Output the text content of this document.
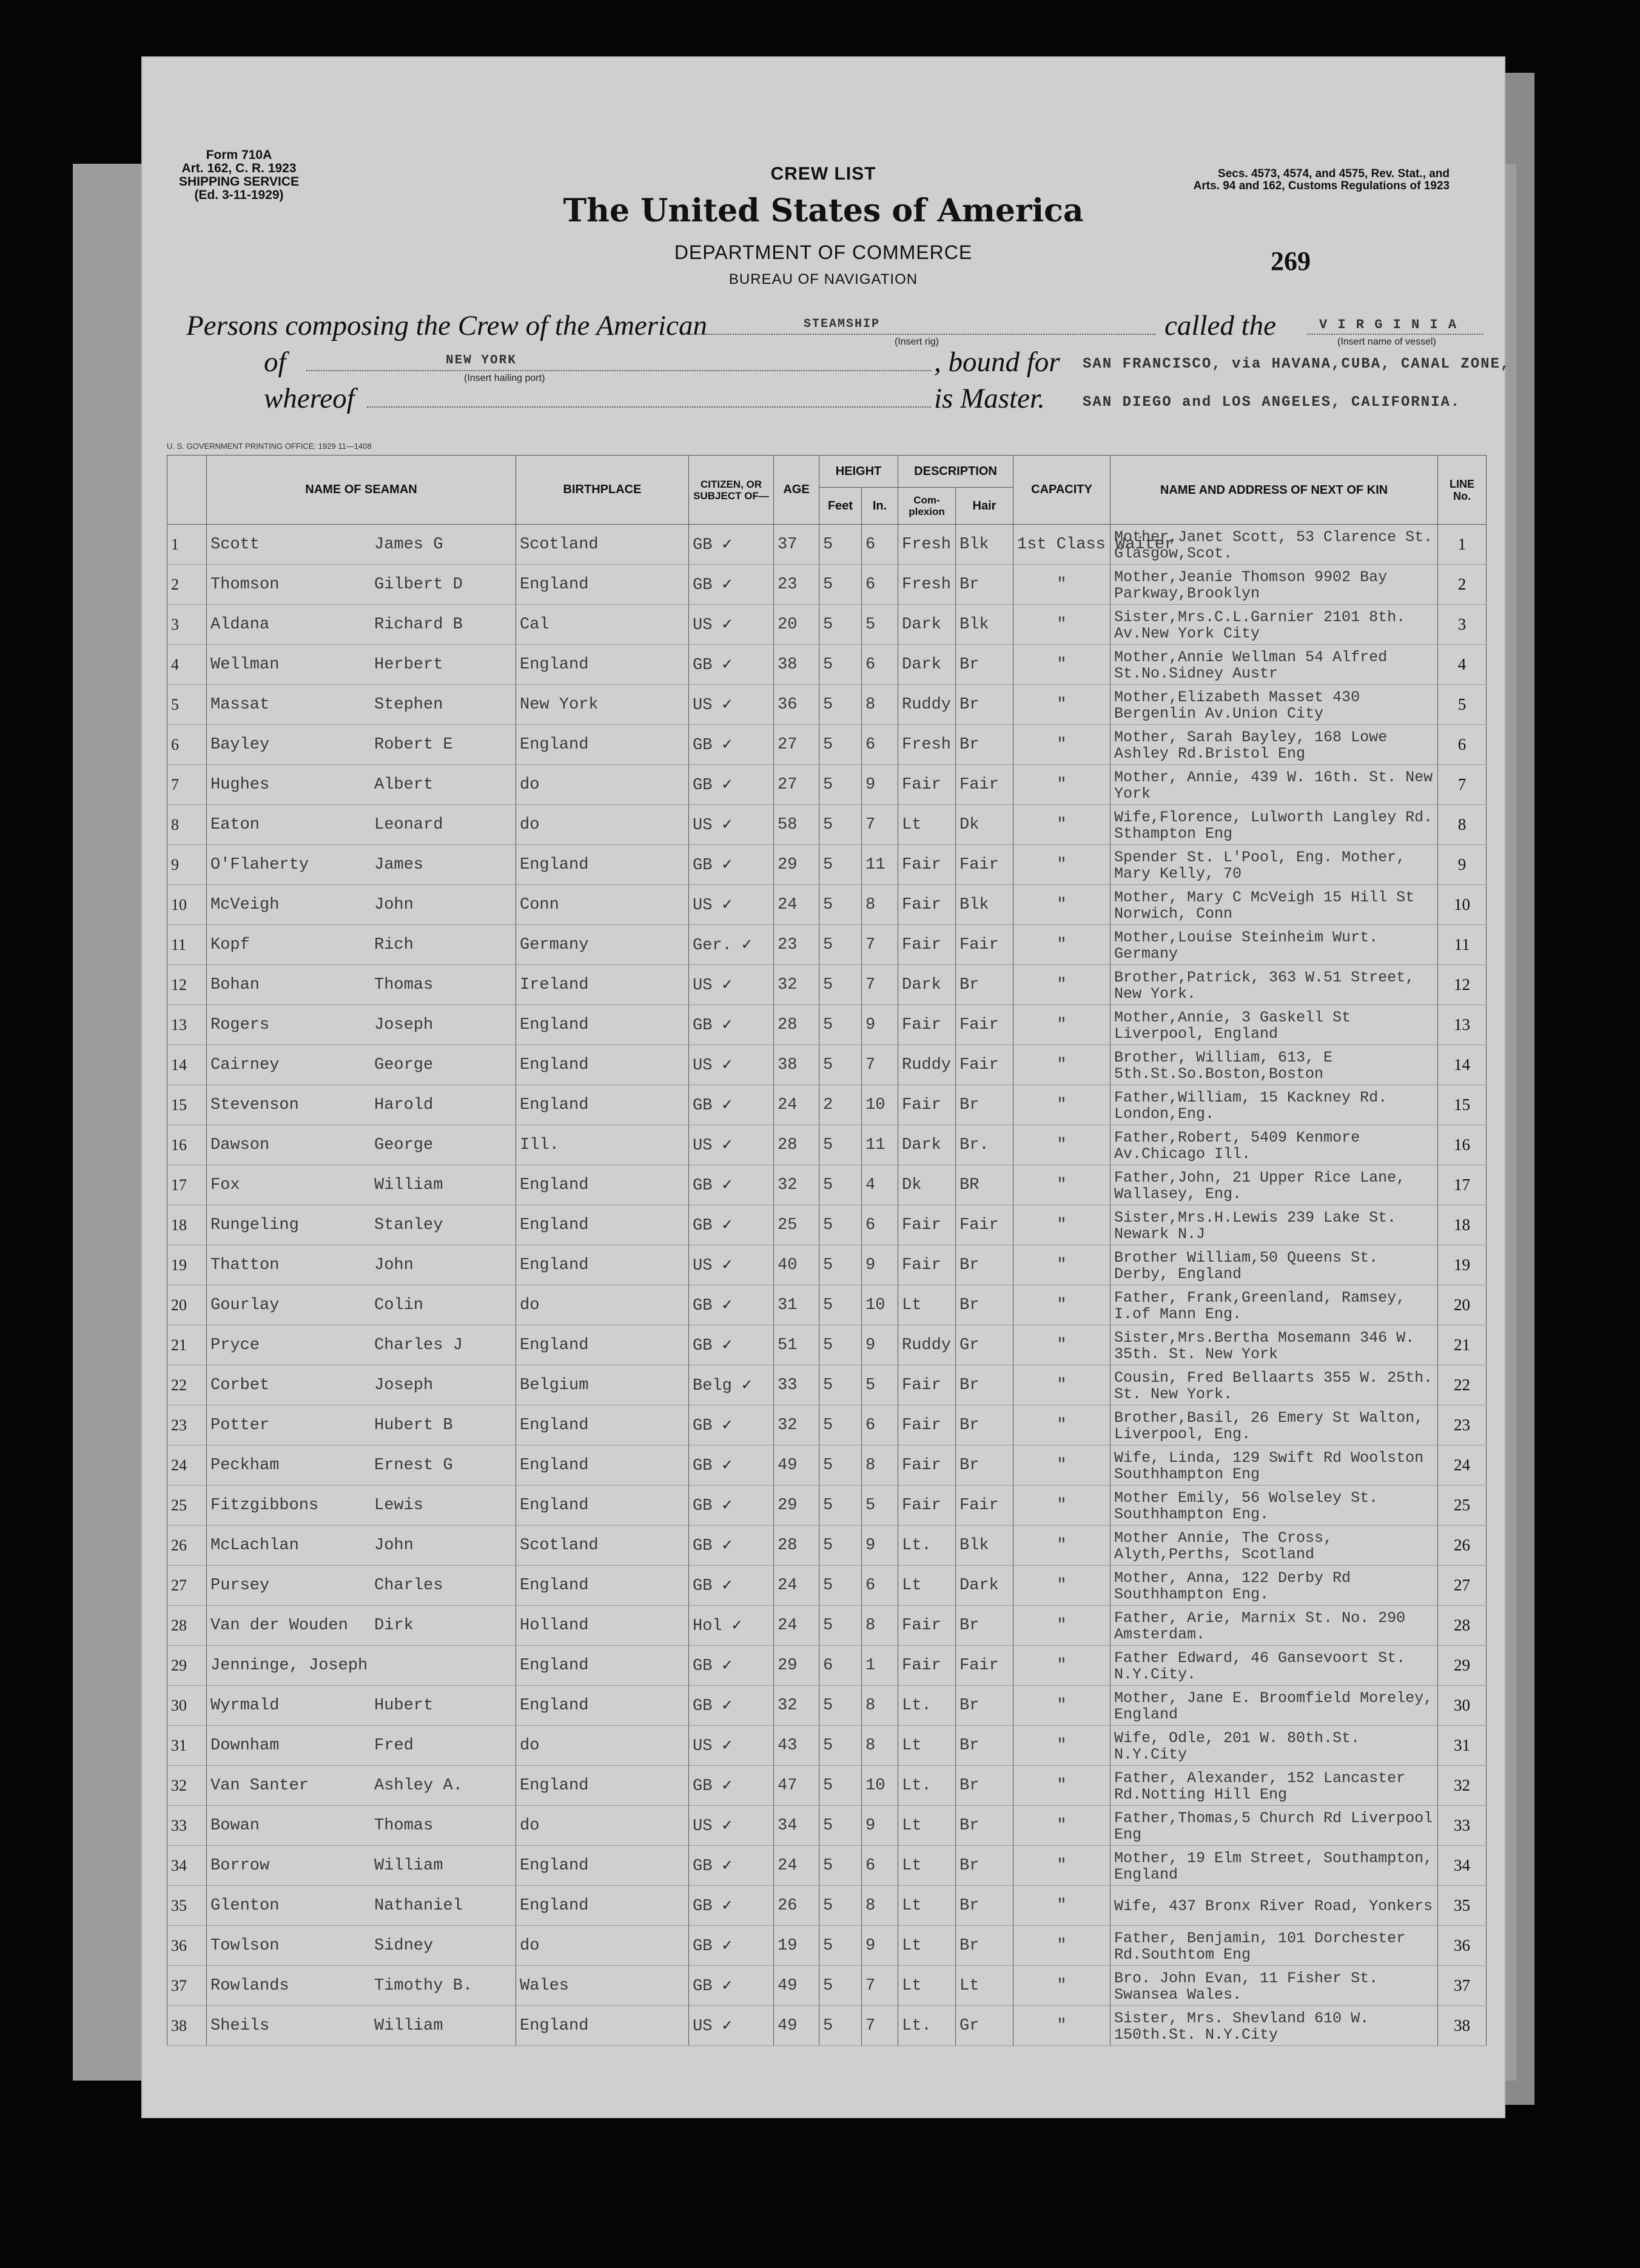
Form 710A
Art. 162, C. R. 1923
SHIPPING SERVICE
(Ed. 3-11-1929)
Secs. 4573, 4574, and 4575, Rev. Stat., and
Arts. 94 and 162, Customs Regulations of 1923
CREW LIST
The United States of America
DEPARTMENT OF COMMERCE
BUREAU OF NAVIGATION
269
Persons composing the Crew of the American	STEAMSHIP
(Insert rig)
called the	V I R G I N I A
(Insert name of vessel)
of	NEW YORK
(Insert hailing port)
, bound for SAN FRANCISCO, via HAVANA,CUBA, CANAL ZONE,
whereof	is Master.	SAN DIEGO and LOS ANGELES, CALIFORNIA.
U. S. GOVERNMENT PRINTING OFFICE: 1929 11—1408
	NAME OF SEAMAN	BIRTHPLACE	CITIZEN, OR SUBJECT OF—	AGE	HEIGHT		DESCRIPTION		CAPACITY	NAME AND ADDRESS OF NEXT OF KIN	LINE No.
					Feet	In.	Com-plexion	Hair			
1	Scott James G	Scotland	GB ✓	37	5	6	Fresh	Blk	1st Class Waiter	Mother,Janet Scott, 53 Clarence St. Glasgow,Scot.	1
2	Thomson Gilbert D	England	GB ✓	23	5	6	Fresh	Br	"	Mother,Jeanie Thomson 9902 Bay Parkway,Brooklyn	2
3	Aldana Richard B	Cal	US ✓	20	5	5	Dark	Blk	"	Sister,Mrs.C.L.Garnier 2101 8th. Av.New York City	3
4	Wellman Herbert	England	GB ✓	38	5	6	Dark	Br	"	Mother,Annie Wellman 54 Alfred St.No.Sidney Austr	4
5	Massat Stephen	New York	US ✓	36	5	8	Ruddy	Br	"	Mother,Elizabeth Masset 430 Bergenlin Av.Union City	5
6	Bayley Robert E	England	GB ✓	27	5	6	Fresh	Br	"	Mother, Sarah Bayley, 168 Lowe Ashley Rd.Bristol Eng	6
7	Hughes Albert	do	GB ✓	27	5	9	Fair	Fair	"	Mother, Annie, 439 W. 16th. St. New York	7
8	Eaton Leonard	do	US ✓	58	5	7	Lt	Dk	"	Wife,Florence, Lulworth Langley Rd. Sthampton Eng	8
9	O'Flaherty James	England	GB ✓	29	5	11	Fair	Fair	"	Spender St. L'Pool, Eng. Mother, Mary Kelly, 70	9
10	McVeigh John	Conn	US ✓	24	5	8	Fair	Blk	"	Mother, Mary C McVeigh 15 Hill St Norwich, Conn	10
11	Kopf Rich	Germany	Ger. ✓	23	5	7	Fair	Fair	"	Mother,Louise Steinheim Wurt. Germany	11
12	Bohan Thomas	Ireland	US ✓	32	5	7	Dark	Br	"	Brother,Patrick, 363 W.51 Street, New York.	12
13	Rogers Joseph	England	GB ✓	28	5	9	Fair	Fair	"	Mother,Annie, 3 Gaskell St Liverpool, England	13
14	Cairney George	England	US ✓	38	5	7	Ruddy	Fair	"	Brother, William, 613, E 5th.St.So.Boston,Boston	14
15	Stevenson Harold	England	GB ✓	24	2	10	Fair	Br	"	Father,William, 15 Kackney Rd. London,Eng.	15
16	Dawson George	Ill.	US ✓	28	5	11	Dark	Br.	"	Father,Robert, 5409 Kenmore Av.Chicago Ill.	16
17	Fox William	England	GB ✓	32	5	4	Dk	BR	"	Father,John, 21 Upper Rice Lane, Wallasey, Eng.	17
18	Rungeling Stanley	England	GB ✓	25	5	6	Fair	Fair	"	Sister,Mrs.H.Lewis 239 Lake St. Newark N.J	18
19	Thatton John	England	US ✓	40	5	9	Fair	Br	"	Brother William,50 Queens St. Derby, England	19
20	Gourlay Colin	do	GB ✓	31	5	10	Lt	Br	"	Father, Frank,Greenland, Ramsey, I.of Mann Eng.	20
21	Pryce Charles J	England	GB ✓	51	5	9	Ruddy	Gr	"	Sister,Mrs.Bertha Mosemann 346 W. 35th. St. New York	21
22	Corbet Joseph	Belgium	Belg ✓	33	5	5	Fair	Br	"	Cousin, Fred Bellaarts 355 W. 25th. St. New York.	22
23	Potter Hubert B	England	GB ✓	32	5	6	Fair	Br	"	Brother,Basil, 26 Emery St Walton, Liverpool, Eng.	23
24	Peckham Ernest G	England	GB ✓	49	5	8	Fair	Br	"	Wife, Linda, 129 Swift Rd Woolston Southhampton Eng	24
25	Fitzgibbons Lewis	England	GB ✓	29	5	5	Fair	Fair	"	Mother Emily, 56 Wolseley St. Southhampton Eng.	25
26	McLachlan John	Scotland	GB ✓	28	5	9	Lt.	Blk	"	Mother Annie, The Cross, Alyth,Perths, Scotland	26
27	Pursey Charles	England	GB ✓	24	5	6	Lt	Dark	"	Mother, Anna, 122 Derby Rd Southhampton Eng.	27
28	Van der Wouden Dirk	Holland	Hol ✓	24	5	8	Fair	Br	"	Father, Arie, Marnix St. No. 290 Amsterdam.	28
29	Jenninge, Joseph	England	GB ✓	29	6	1	Fair	Fair	"	Father Edward, 46 Gansevoort St. N.Y.City.	29
30	Wyrmald Hubert	England	GB ✓	32	5	8	Lt.	Br	"	Mother, Jane E. Broomfield Moreley, England	30
31	Downham Fred	do	US ✓	43	5	8	Lt	Br	"	Wife, Odle, 201 W. 80th.St. N.Y.City	31
32	Van Santer Ashley A.	England	GB ✓	47	5	10	Lt.	Br	"	Father, Alexander, 152 Lancaster Rd.Notting Hill Eng	32
33	Bowan Thomas	do	US ✓	34	5	9	Lt	Br	"	Father,Thomas,5 Church Rd Liverpool Eng	33
34	Borrow William	England	GB ✓	24	5	6	Lt	Br	"	Mother, 19 Elm Street, Southampton, England	34
35	Glenton Nathaniel	England	GB ✓	26	5	8	Lt	Br	"	Wife, 437 Bronx River Road, Yonkers	35
36	Towlson Sidney	do	GB ✓	19	5	9	Lt	Br	"	Father, Benjamin, 101 Dorchester Rd.Southtom Eng	36
37	Rowlands Timothy B.	Wales	GB ✓	49	5	7	Lt	Lt	"	Bro. John Evan, 11 Fisher St. Swansea Wales.	37
38	Sheils William	England	US ✓	49	5	7	Lt.	Gr	"	Sister, Mrs. Shevland 610 W. 150th.St. N.Y.City	38
